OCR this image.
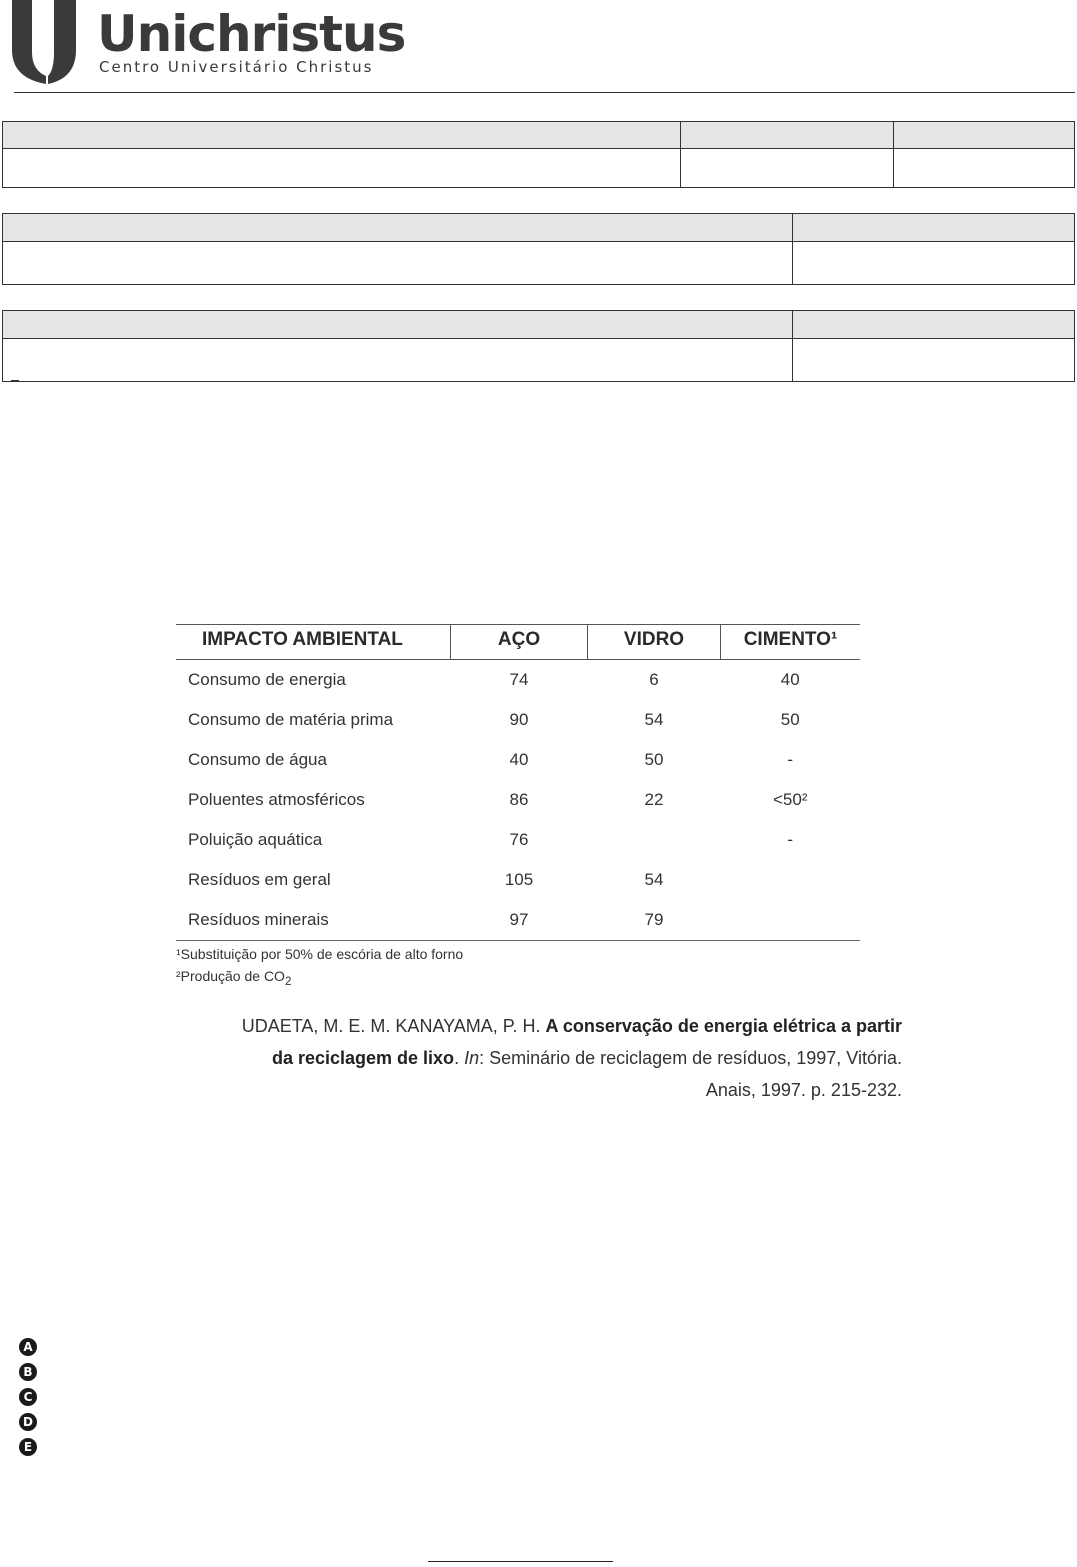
Unichristus
Centro Universitário Christus

IMPACTO AMBIENTAL	AÇO	VIDRO	CIMENTO¹
Consumo de energia	74	6	40
Consumo de matéria prima	90	54	50
Consumo de água	40	50	-
Poluentes atmosféricos	86	22	<50²
Poluição aquática	76		-
Resíduos em geral	105	54	
Resíduos minerais	97	79	
¹Substituição por 50% de escória de alto forno
²Produção de $CO_2$
UDAETA, M. E. M. KANAYAMA, P. H. A conservação de energia elétrica a partir da reciclagem de lixo. In: Seminário de reciclagem de resíduos, 1997, Vitória. Anais, 1997. p. 215-232.
A
B
C
D
E
